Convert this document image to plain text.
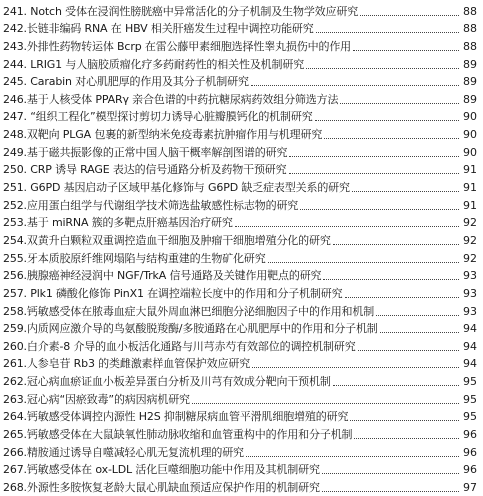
241. Notch 受体在浸润性膀胱癌中异常活化的分子机制及生物学效应研究	88
242.长链非编码 RNA 在 HBV 相关肝癌发生过程中调控功能研究	88
243.外排性药物转运体 Bcrp 在雷公藤甲素细胞选择性睾丸损伤中的作用	88
244. LRIG1 与人脑胶质瘤化疗多药耐药性的相关性及机制研究	89
245. Carabin 对心肌肥厚的作用及其分子机制研究	89
246.基于人核受体 PPARγ 亲合色谱的中药抗糖尿病药效组分筛选方法	89
247. “组织工程化”模型探讨剪切力诱导心脏瓣膜钙化的机制研究	90
248.双靶向 PLGA 包裹的新型纳米免疫毒素抗肿瘤作用与机理研究	90
249.基于磁共振影像的正常中国人脑干概率解剖图谱的研究	90
250. CRP 诱导 RAGE 表达的信号通路分析及药物干预研究	91
251. G6PD 基因启动子区域甲基化修饰与 G6PD 缺乏症表型关系的研究	91
252.应用蛋白组学与代谢组学技术筛选盐敏感性标志物的研究	91
253.基于 miRNA 簇的多靶点肝癌基因治疗研究	92
254.双黄升白颗粒双重调控造血干细胞及肿瘤干细胞增殖分化的研究	92
255.牙本质胶原纤维网塌陷与结构重建的生物矿化研究	92
256.胰腺癌神经浸润中 NGF/TrkA 信号通路及关键作用靶点的研究	93
257. Plk1 磷酸化修饰 PinX1 在调控端粒长度中的作用和分子机制研究	93
258.钙敏感受体在脓毒血症大鼠外周血淋巴细胞分泌细胞因子中的作用和机制	93
259.内质网应激介导的鸟氨酸脱羧酶/多胺通路在心肌肥厚中的作用和分子机制	94
260.白介素-8 介导的血小板活化通路与川芎赤芍有效部位的调控机制研究	94
261.人参皂苷 Rb3 的类雌激素样血管保护效应研究	94
262.冠心病血瘀证血小板差异蛋白分析及川芎有效成分靶向干预机制	95
263.冠心病“因瘀致毒”的病因病机研究	95
264.钙敏感受体调控内源性 H2S 抑制糖尿病血管平滑肌细胞增殖的研究	95
265.钙敏感受体在大鼠缺氧性肺动脉收缩和血管重构中的作用和分子机制	96
266.精胺通过诱导自噬减轻心肌无复流机理的研究	96
267.钙敏感受体在 ox-LDL 活化巨噬细胞功能中作用及其机制研究	96
268.外源性多胺恢复老龄大鼠心肌缺血预适应保护作用的机制研究	97
